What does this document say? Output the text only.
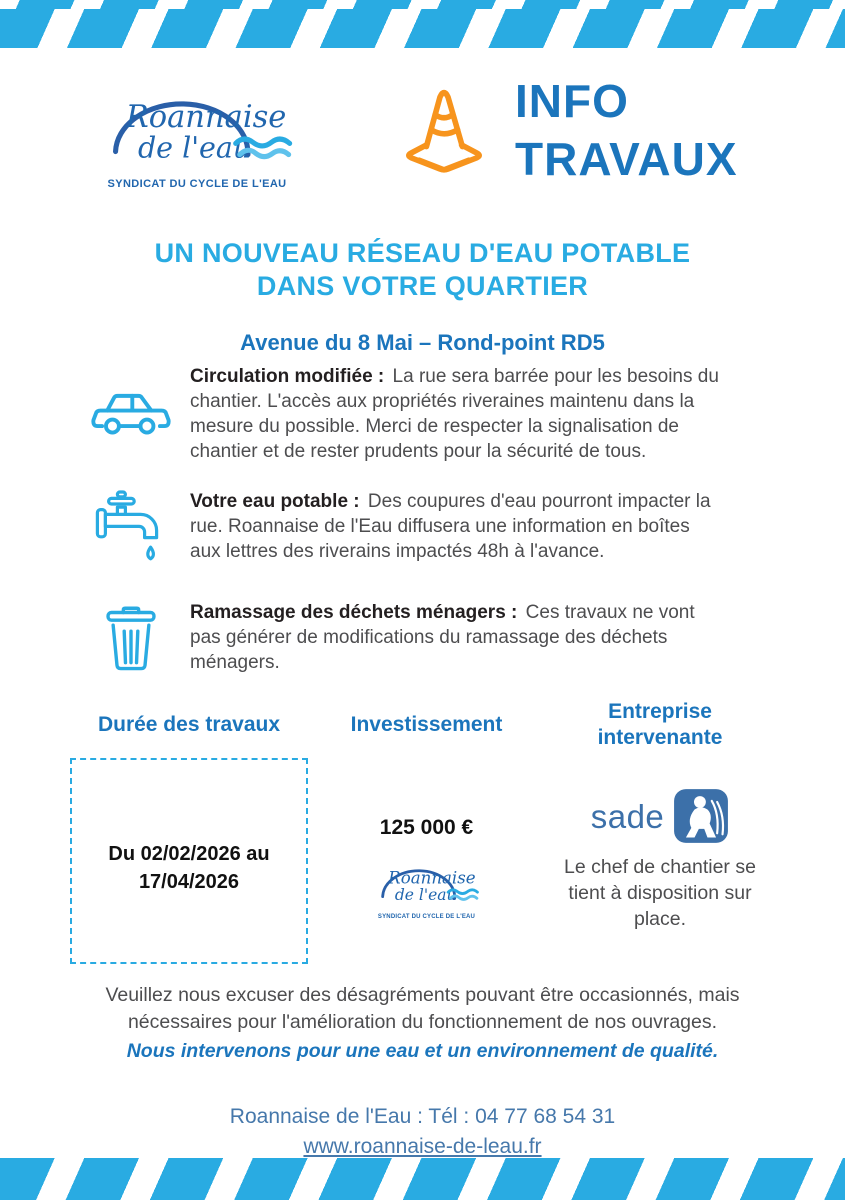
Roannaise
de l'eau
SYNDICAT DU CYCLE DE L'EAU
INFO
TRAVAUX
UN NOUVEAU RÉSEAU D'EAU POTABLE
DANS VOTRE QUARTIER
Avenue du 8 Mai – Rond-point RD5
Circulation modifiée : La rue sera barrée pour les besoins du chantier. L'accès aux propriétés riveraines maintenu dans la mesure du possible. Merci de respecter la signalisation de chantier et de rester prudents pour la sécurité de tous.
Votre eau potable : Des coupures d'eau pourront impacter la rue. Roannaise de l'Eau diffusera une information en boîtes aux lettres des riverains impactés 48h à l'avance.
Ramassage des déchets ménagers : Ces travaux ne vont pas générer de modifications du ramassage des déchets ménagers.
Durée des travaux
Du 02/02/2026 au
17/04/2026
Investissement
125 000 €
Roannaise
de l'eau
SYNDICAT DU CYCLE DE L'EAU
Entreprise intervenante
sade
Le chef de chantier se tient à disposition sur place.
Veuillez nous excuser des désagréments pouvant être occasionnés, mais nécessaires pour l'amélioration du fonctionnement de nos ouvrages.
Nous intervenons pour une eau et un environnement de qualité.
Roannaise de l'Eau : Tél : 04 77 68 54 31
www.roannaise-de-leau.fr
